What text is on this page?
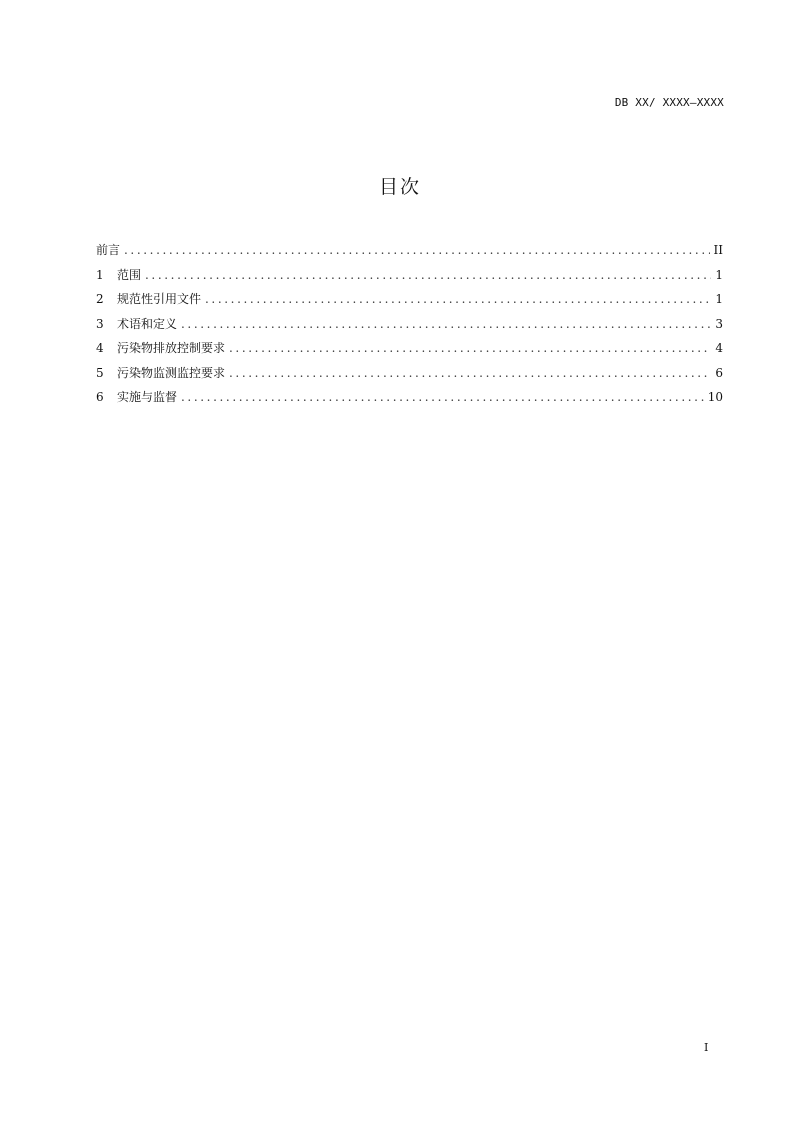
DB XX/ XXXX—XXXX
目次
前言 .....	II
1	范围 .....	1
2	规范性引用文件 .....	1
3	术语和定义 .....	3
4	污染物排放控制要求 .....	4
5	污染物监测监控要求 .....	6
6	实施与监督 .....	10
I
